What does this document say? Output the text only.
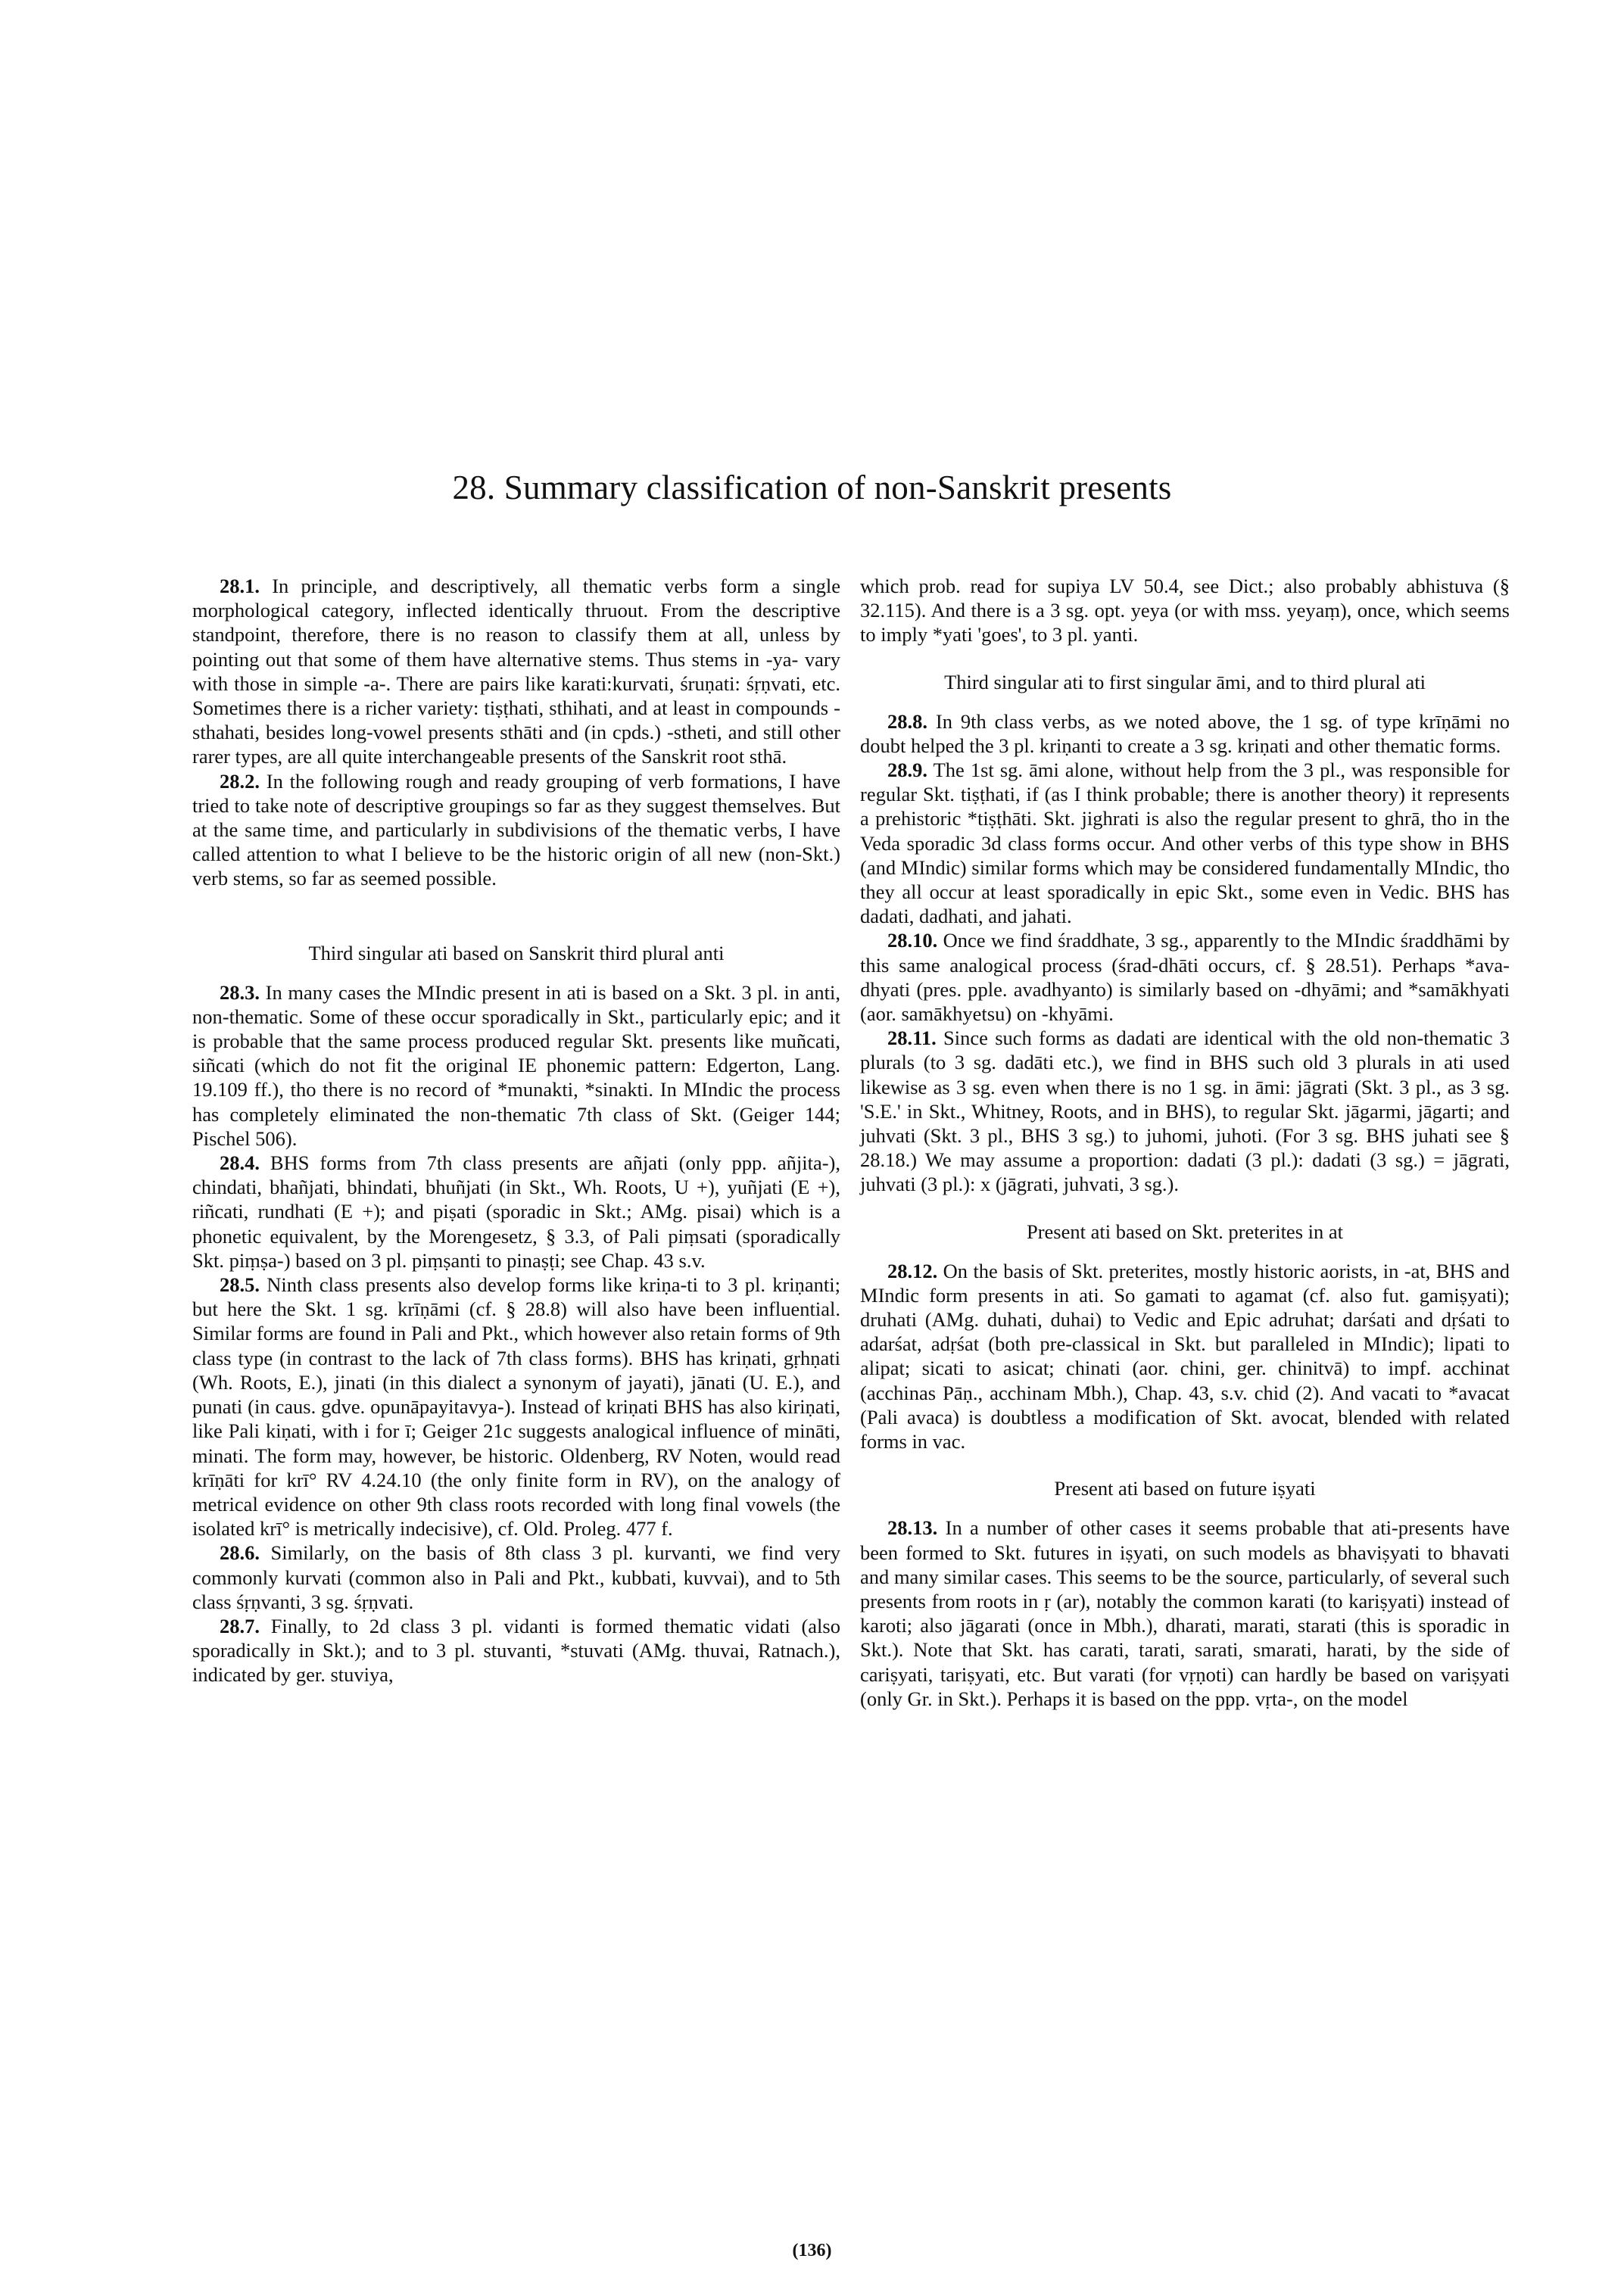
28. Summary classification of non-Sanskrit presents

28.1. In principle, and descriptively, all thematic verbs form a single morphological category, inflected identically thruout. From the descriptive standpoint, therefore, there is no reason to classify them at all, unless by pointing out that some of them have alternative stems. Thus stems in -ya- vary with those in simple -a-. There are pairs like karati:kurvati, śruṇati: śṛṇvati, etc. Sometimes there is a richer variety: tiṣṭhati, sthihati, and at least in compounds -sthahati, besides long-vowel presents sthāti and (in cpds.) -stheti, and still other rarer types, are all quite interchangeable presents of the Sanskrit root sthā.

28.2. In the following rough and ready grouping of verb formations, I have tried to take note of descriptive groupings so far as they suggest themselves. But at the same time, and particularly in subdivisions of the thematic verbs, I have called attention to what I believe to be the historic origin of all new (non-Skt.) verb stems, so far as seemed possible.

Third singular ati based on Sanskrit third plural anti

28.3. In many cases the MIndic present in ati is based on a Skt. 3 pl. in anti, non-thematic. Some of these occur sporadically in Skt., particularly epic; and it is probable that the same process produced regular Skt. presents like muñcati, siñcati (which do not fit the original IE phonemic pattern: Edgerton, Lang. 19.109 ff.), tho there is no record of *munakti, *sinakti. In MIndic the process has completely eliminated the non-thematic 7th class of Skt. (Geiger 144; Pischel 506).

28.4. BHS forms from 7th class presents are añjati (only ppp. añjita-), chindati, bhañjati, bhindati, bhuñjati (in Skt., Wh. Roots, U +), yuñjati (E +), riñcati, rundhati (E +); and piṣati (sporadic in Skt.; AMg. pisai) which is a phonetic equivalent, by the Morengesetz, § 3.3, of Pali piṃsati (sporadically Skt. piṃṣa-) based on 3 pl. piṃṣanti to pinaṣṭi; see Chap. 43 s.v.

28.5. Ninth class presents also develop forms like kriṇa-ti to 3 pl. kriṇanti; but here the Skt. 1 sg. krīṇāmi (cf. § 28.8) will also have been influential. Similar forms are found in Pali and Pkt., which however also retain forms of 9th class type (in contrast to the lack of 7th class forms). BHS has kriṇati, gṛhṇati (Wh. Roots, E.), jinati (in this dialect a synonym of jayati), jānati (U. E.), and punati (in caus. gdve. opunāpayitavya-). Instead of kriṇati BHS has also kiriṇati, like Pali kiṇati, with i for ī; Geiger 21c suggests analogical influence of mināti, minati. The form may, however, be historic. Oldenberg, RV Noten, would read krīṇāti for krī° RV 4.24.10 (the only finite form in RV), on the analogy of metrical evidence on other 9th class roots recorded with long final vowels (the isolated krī° is metrically indecisive), cf. Old. Proleg. 477 f.

28.6. Similarly, on the basis of 8th class 3 pl. kurvanti, we find very commonly kurvati (common also in Pali and Pkt., kubbati, kuvvai), and to 5th class śṛṇvanti, 3 sg. śṛṇvati.

28.7. Finally, to 2d class 3 pl. vidanti is formed thematic vidati (also sporadically in Skt.); and to 3 pl. stuvanti, *stuvati (AMg. thuvai, Ratnach.), indicated by ger. stuviya,

which prob. read for supiya LV 50.4, see Dict.; also probably abhistuva (§ 32.115). And there is a 3 sg. opt. yeya (or with mss. yeyaṃ), once, which seems to imply *yati 'goes', to 3 pl. yanti.

Third singular ati to first singular āmi, and to third plural ati

28.8. In 9th class verbs, as we noted above, the 1 sg. of type krīṇāmi no doubt helped the 3 pl. kriṇanti to create a 3 sg. kriṇati and other thematic forms.

28.9. The 1st sg. āmi alone, without help from the 3 pl., was responsible for regular Skt. tiṣṭhati, if (as I think probable; there is another theory) it represents a prehistoric *tiṣṭhāti. Skt. jighrati is also the regular present to ghrā, tho in the Veda sporadic 3d class forms occur. And other verbs of this type show in BHS (and MIndic) similar forms which may be considered fundamentally MIndic, tho they all occur at least sporadically in epic Skt., some even in Vedic. BHS has dadati, dadhati, and jahati.

28.10. Once we find śraddhate, 3 sg., apparently to the MIndic śraddhāmi by this same analogical process (śrad-dhāti occurs, cf. § 28.51). Perhaps *ava-dhyati (pres. pple. avadhyanto) is similarly based on -dhyāmi; and *samākhyati (aor. samākhyetsu) on -khyāmi.

28.11. Since such forms as dadati are identical with the old non-thematic 3 plurals (to 3 sg. dadāti etc.), we find in BHS such old 3 plurals in ati used likewise as 3 sg. even when there is no 1 sg. in āmi: jāgrati (Skt. 3 pl., as 3 sg. 'S.E.' in Skt., Whitney, Roots, and in BHS), to regular Skt. jāgarmi, jāgarti; and juhvati (Skt. 3 pl., BHS 3 sg.) to juhomi, juhoti. (For 3 sg. BHS juhati see § 28.18.) We may assume a proportion: dadati (3 pl.): dadati (3 sg.) = jāgrati, juhvati (3 pl.): x (jāgrati, juhvati, 3 sg.).

Present ati based on Skt. preterites in at

28.12. On the basis of Skt. preterites, mostly historic aorists, in -at, BHS and MIndic form presents in ati. So gamati to agamat (cf. also fut. gamiṣyati); druhati (AMg. duhati, duhai) to Vedic and Epic adruhat; darśati and dṛśati to adarśat, adṛśat (both pre-classical in Skt. but paralleled in MIndic); lipati to alipat; sicati to asicat; chinati (aor. chini, ger. chinitvā) to impf. acchinat (acchinas Pāṇ., acchinam Mbh.), Chap. 43, s.v. chid (2). And vacati to *avacat (Pali avaca) is doubtless a modification of Skt. avocat, blended with related forms in vac.

Present ati based on future iṣyati

28.13. In a number of other cases it seems probable that ati-presents have been formed to Skt. futures in iṣyati, on such models as bhaviṣyati to bhavati and many similar cases. This seems to be the source, particularly, of several such presents from roots in ṛ (ar), notably the common karati (to kariṣyati) instead of karoti; also jāgarati (once in Mbh.), dharati, marati, starati (this is sporadic in Skt.). Note that Skt. has carati, tarati, sarati, smarati, harati, by the side of cariṣyati, tariṣyati, etc. But varati (for vṛṇoti) can hardly be based on variṣyati (only Gr. in Skt.). Perhaps it is based on the ppp. vṛta-, on the model

(136)
